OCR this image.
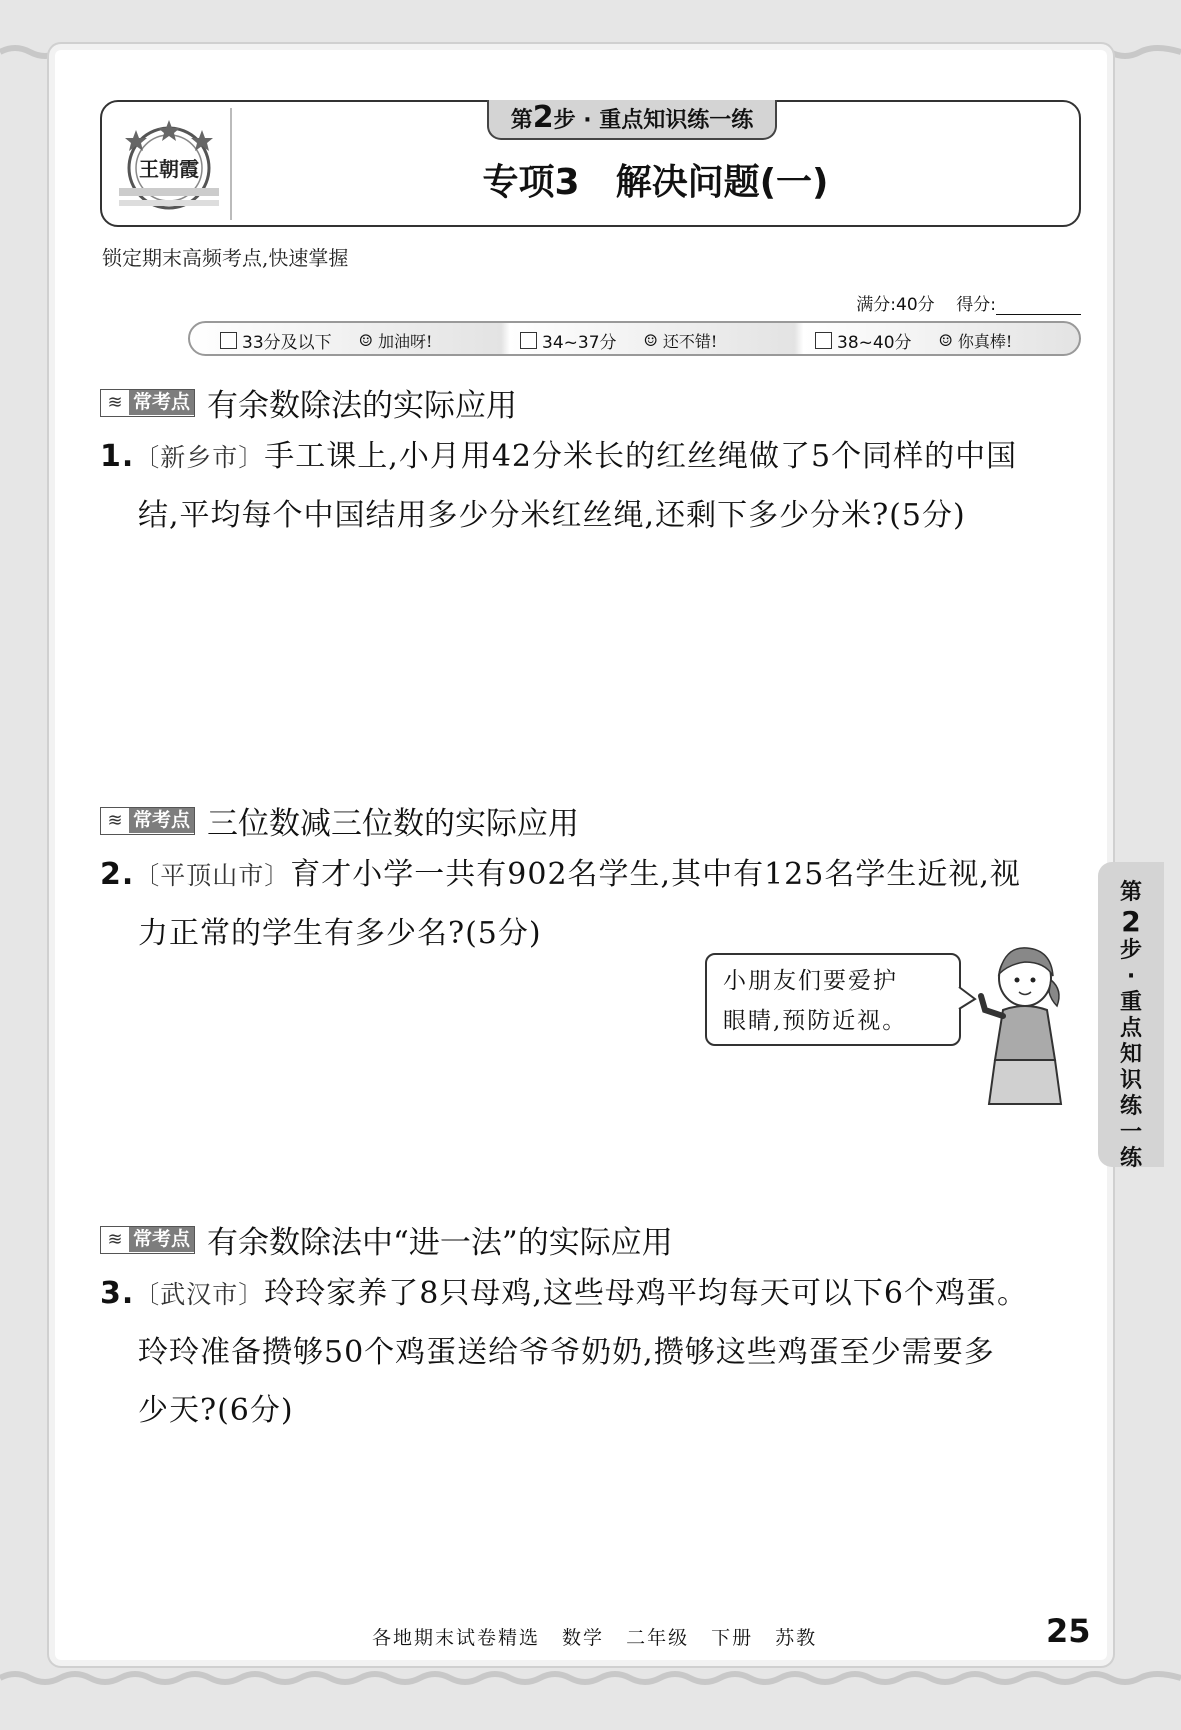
王朝霞
第2步 · 重点知识练一练
专项3　解决问题(一)
锁定期末高频考点,快速掌握
满分:40分 得分:
33分及以下 ☺ 加油呀!	34~37分 ☺ 还不错!	38~40分 ☺ 你真棒!
≋ 常考点 有余数除法的实际应用
1.〔新乡市〕手工课上,小月用42分米长的红丝绳做了5个同样的中国
结,平均每个中国结用多少分米红丝绳,还剩下多少分米?(5分)
≋ 常考点 三位数减三位数的实际应用
2.〔平顶山市〕育才小学一共有902名学生,其中有125名学生近视,视
力正常的学生有多少名?(5分)
小朋友们要爱护
眼睛,预防近视。
≋ 常考点 有余数除法中“进一法”的实际应用
3.〔武汉市〕玲玲家养了8只母鸡,这些母鸡平均每天可以下6个鸡蛋。
玲玲准备攒够50个鸡蛋送给爷爷奶奶,攒够这些鸡蛋至少需要多
少天?(6分)
第
2
步
·
重
点
知
识
练
一
练
各地期末试卷精选 数学 二年级 下册 苏教	25
